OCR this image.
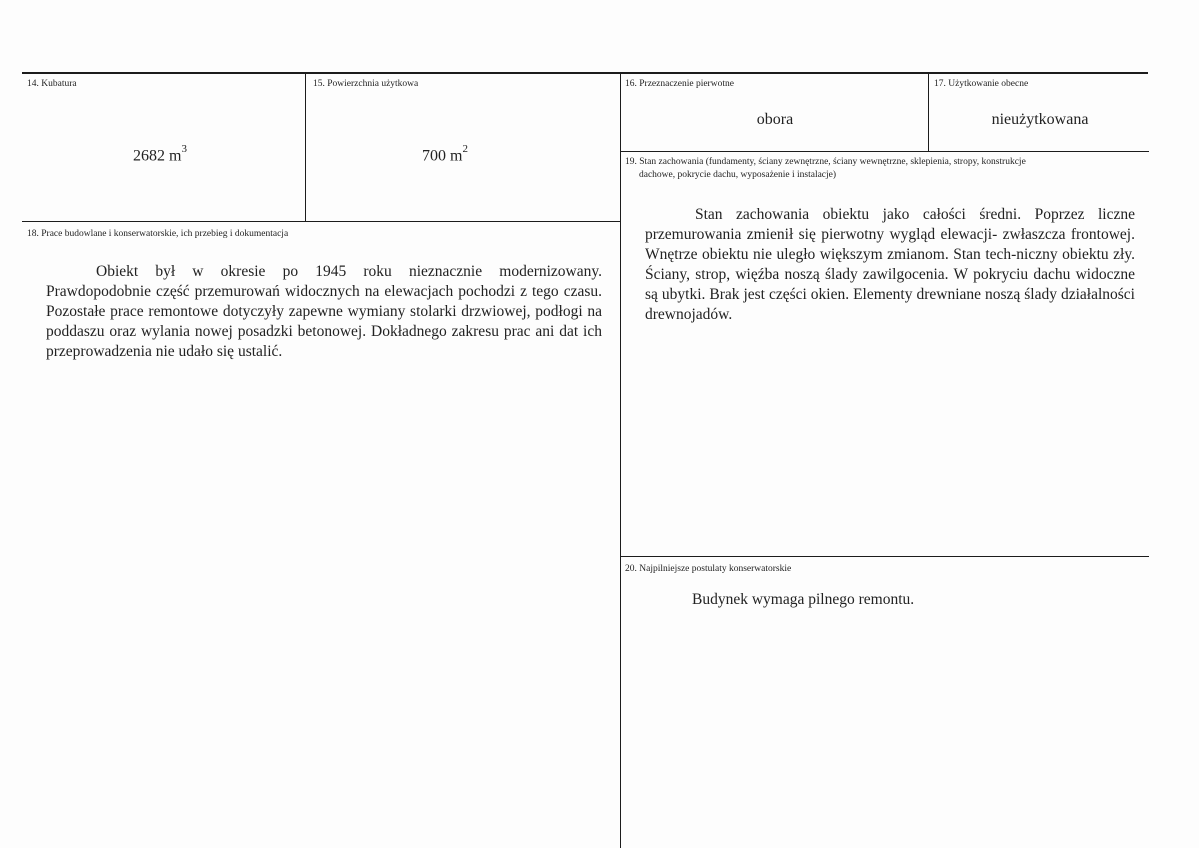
14. Kubatura
2682 $m^3$
15. Powierzchnia użytkowa
700 $m^2$
16. Przeznaczenie pierwotne
obora
17. Użytkowanie obecne
nieużytkowana
18. Prace budowlane i konserwatorskie, ich przebieg i dokumentacja
Obiekt był w okresie po 1945 roku nieznacznie modernizowany. Prawdopodobnie część przemurowań widocznych na elewacjach pochodzi z tego czasu. Pozostałe prace remontowe dotyczyły zapewne wymiany stolarki drzwiowej, podłogi na poddaszu oraz wylania nowej posadzki betonowej. Dokładnego zakresu prac ani dat ich przeprowadzenia nie udało się ustalić.
19. Stan zachowania (fundamenty, ściany zewnętrzne, ściany wewnętrzne, sklepienia, stropy, konstrukcje
dachowe, pokrycie dachu, wyposażenie i instalacje)
Stan zachowania obiektu jako całości średni. Poprzez liczne przemurowania zmienił się pierwotny wygląd elewacji- zwłaszcza frontowej. Wnętrze obiektu nie uległo większym zmianom. Stan tech-niczny obiektu zły. Ściany, strop, więźba noszą ślady zawilgocenia. W pokryciu dachu widoczne są ubytki. Brak jest części okien. Elementy drewniane noszą ślady działalności drewnojadów.
20. Najpilniejsze postulaty konserwatorskie
Budynek wymaga pilnego remontu.
